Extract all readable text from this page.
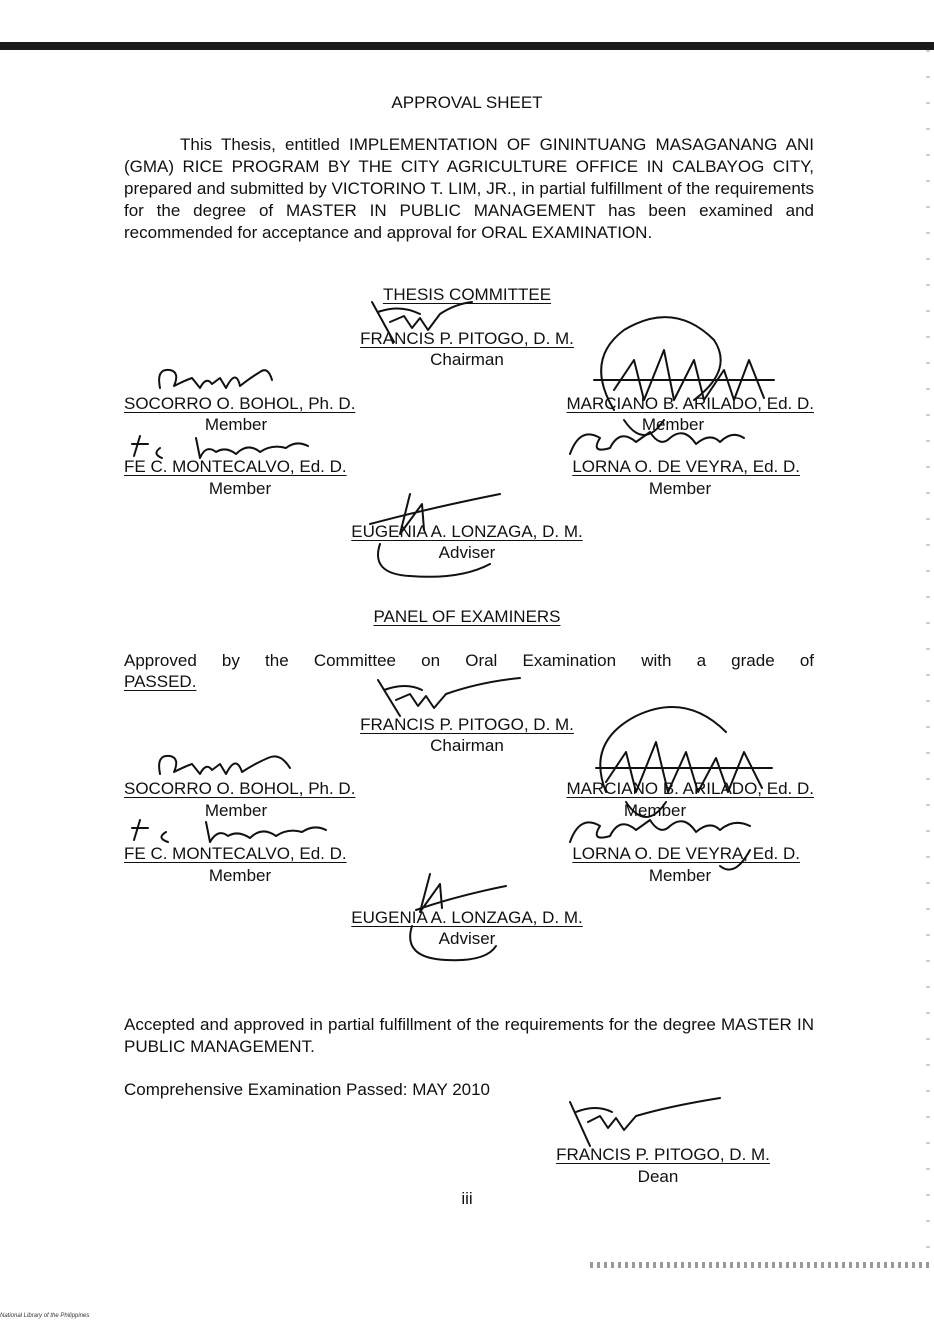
APPROVAL SHEET
This Thesis, entitled IMPLEMENTATION OF GININTUANG MASAGANANG ANI (GMA) RICE PROGRAM BY THE CITY AGRICULTURE OFFICE IN CALBAYOG CITY, prepared and submitted by VICTORINO T. LIM, JR., in partial fulfillment of the requirements for the degree of MASTER IN PUBLIC MANAGEMENT has been examined and recommended for acceptance and approval for ORAL EXAMINATION.
THESIS COMMITTEE
FRANCIS P. PITOGO, D. M.
Chairman
SOCORRO O. BOHOL, Ph. D.
Member
MARCIANO B. ARILADO, Ed. D.
Member
FE C. MONTECALVO, Ed. D.
Member
LORNA O. DE VEYRA, Ed. D.
Member
EUGENIA A. LONZAGA, D. M.
Adviser
PANEL OF EXAMINERS
Approved by the Committee on Oral Examination with a grade of
PASSED.
FRANCIS P. PITOGO, D. M.
Chairman
SOCORRO O. BOHOL, Ph. D.
Member
MARCIANO B. ARILADO, Ed. D.
Member
FE C. MONTECALVO, Ed. D.
Member
LORNA O. DE VEYRA, Ed. D.
Member
EUGENIA A. LONZAGA, D. M.
Adviser
Accepted and approved in partial fulfillment of the requirements for the degree MASTER IN PUBLIC MANAGEMENT.
Comprehensive Examination Passed: MAY 2010
FRANCIS P. PITOGO, D. M.
Dean
iii
National Library of the Philippines
